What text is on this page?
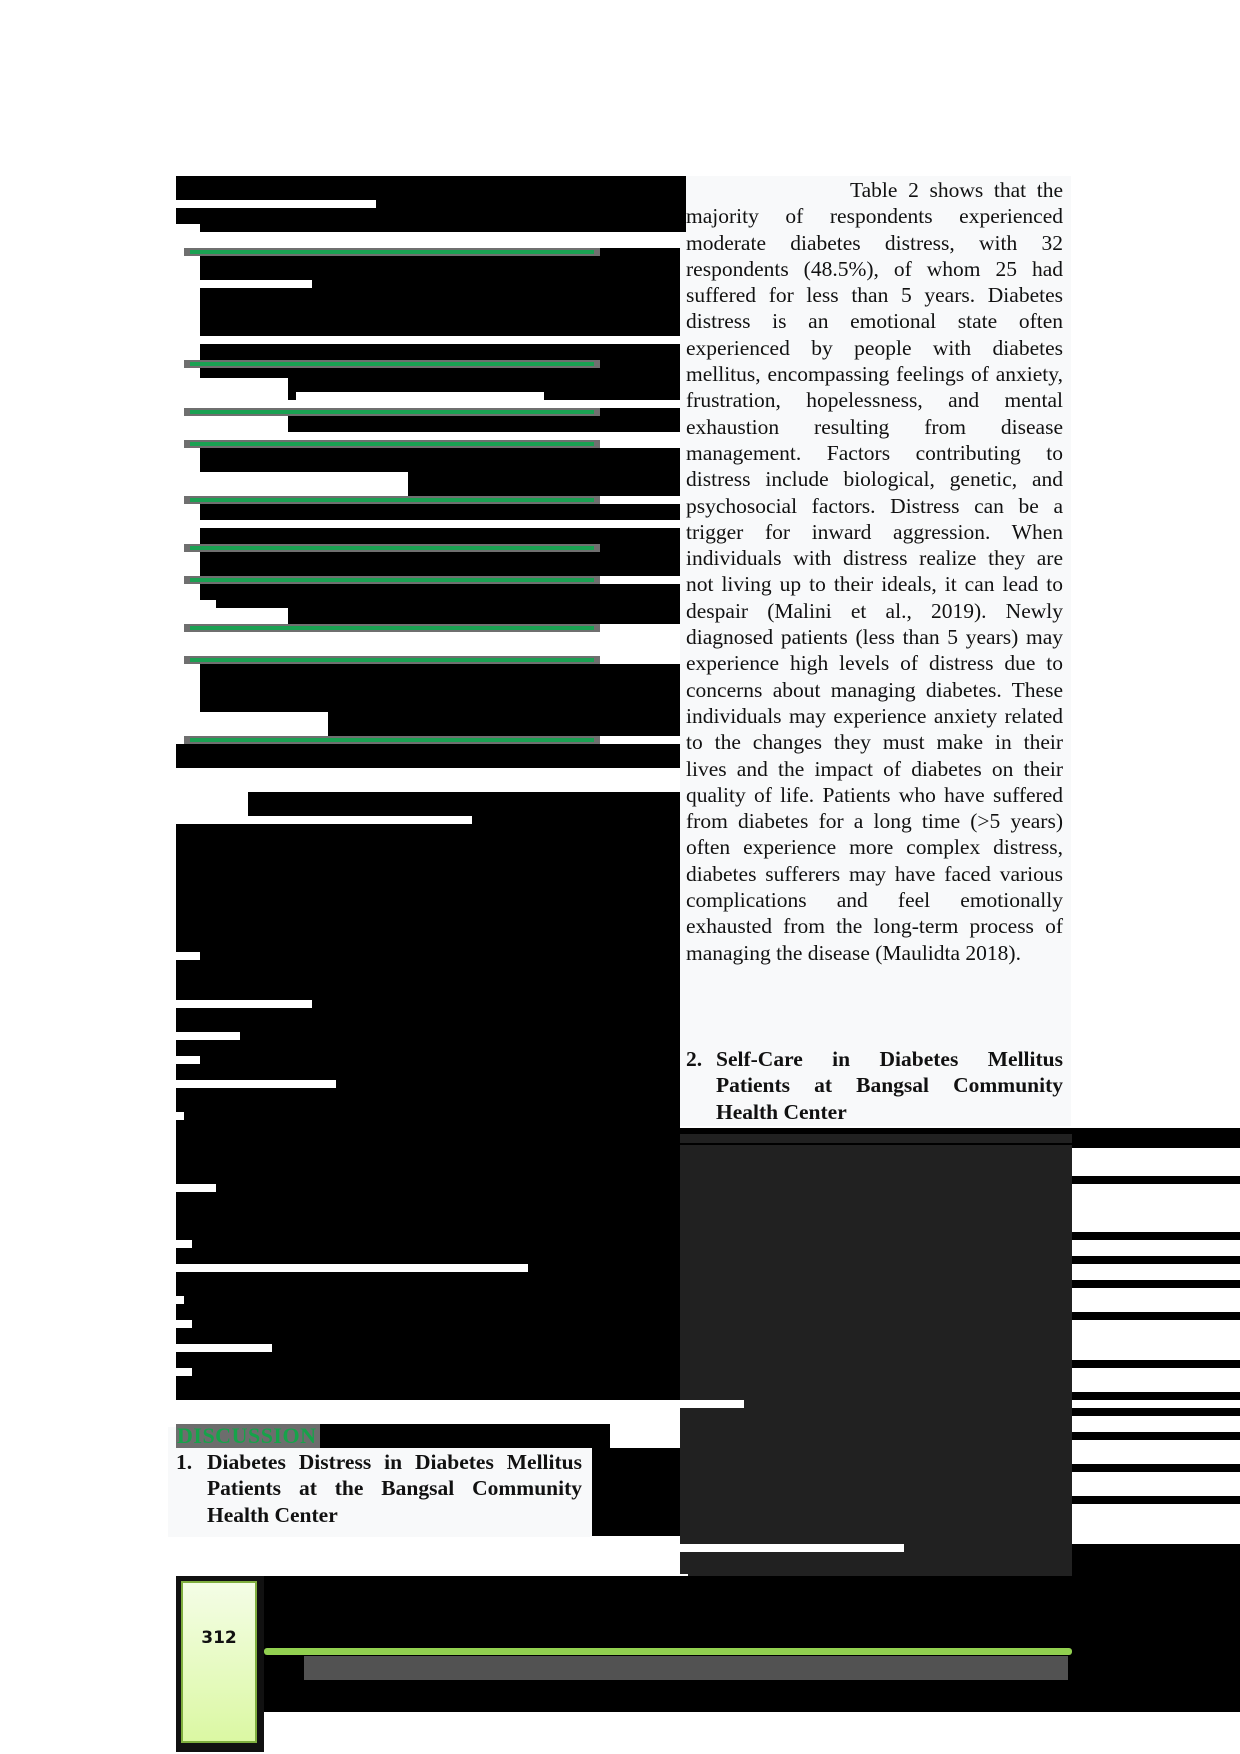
DISCUSSION
1. Diabetes Distress in Diabetes Mellitus Patients at the Bangsal Community Health Center

Table 2 shows that the majority of respondents experienced moderate diabetes distress, with 32 respondents (48.5%), of whom 25 had suffered for less than 5 years. Diabetes distress is an emotional state often experienced by people with diabetes mellitus, encompassing feelings of anxiety, frustration, hopelessness, and mental exhaustion resulting from disease management. Factors contributing to distress include biological, genetic, and psychosocial factors. Distress can be a trigger for inward aggression. When individuals with distress realize they are not living up to their ideals, it can lead to despair (Malini et al., 2019). Newly diagnosed patients (less than 5 years) may experience high levels of distress due to concerns about managing diabetes. These individuals may experience anxiety related to the changes they must make in their lives and the impact of diabetes on their quality of life. Patients who have suffered from diabetes for a long time (>5 years) often experience more complex distress, diabetes sufferers may have faced various complications and feel emotionally exhausted from the long-term process of managing the disease (Maulidta 2018).

2. Self-Care in Diabetes Mellitus Patients at Bangsal Community Health Center
312
